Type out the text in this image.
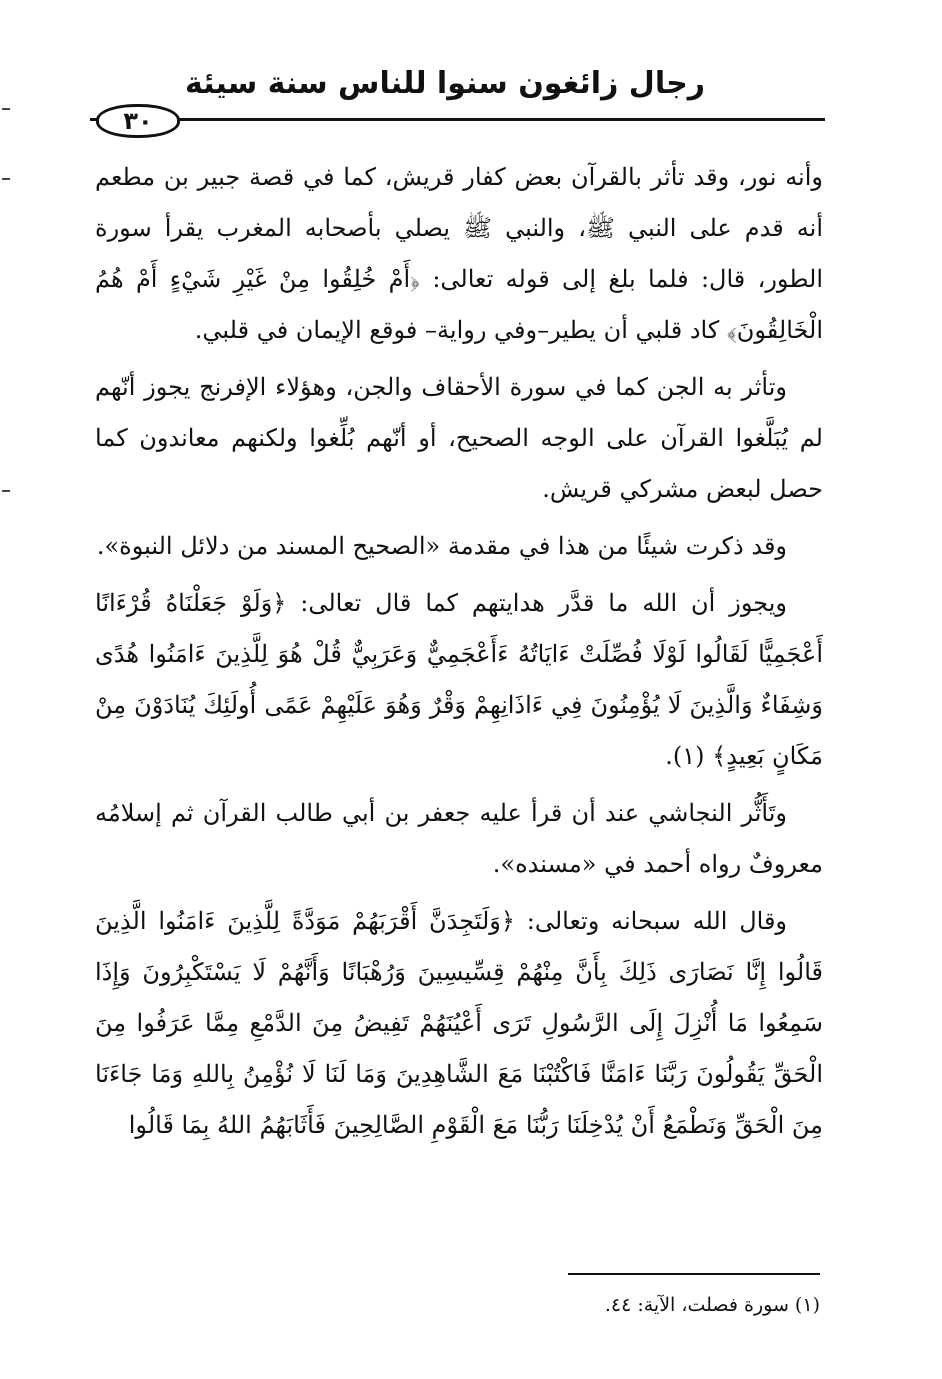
رجال زائغون سنوا للناس سنة سيئة
٣٠

وأنه نور، وقد تأثر بالقرآن بعض كفار قريش، كما في قصة جبير بن مطعم أنه قدم على النبي ﷺ، والنبي ﷺ يصلي بأصحابه المغرب يقرأ سورة الطور، قال: فلما بلغ إلى قوله تعالى: ﴿أَمْ خُلِقُوا مِنْ غَيْرِ شَيْءٍ أَمْ هُمُ الْخَالِقُونَ﴾ كاد قلبي أن يطير–وفي رواية– فوقع الإيمان في قلبي.

وتأثر به الجن كما في سورة الأحقاف والجن، وهؤلاء الإفرنج يجوز أنّهم لم يُبَلَّغوا القرآن على الوجه الصحيح، أو أنّهم بُلِّغوا ولكنهم معاندون كما حصل لبعض مشركي قريش.

وقد ذكرت شيئًا من هذا في مقدمة «الصحيح المسند من دلائل النبوة».

ويجوز أن الله ما قدَّر هدايتهم كما قال تعالى: ﴿وَلَوْ جَعَلْنَاهُ قُرْءَانًا أَعْجَمِيًّا لَقَالُوا لَوْلَا فُصِّلَتْ ءَايَاتُهُ ءَأَعْجَمِيٌّ وَعَرَبِيٌّ قُلْ هُوَ لِلَّذِينَ ءَامَنُوا هُدًى وَشِفَاءٌ وَالَّذِينَ لَا يُؤْمِنُونَ فِي ءَاذَانِهِمْ وَقْرٌ وَهُوَ عَلَيْهِمْ عَمًى أُولَئِكَ يُنَادَوْنَ مِنْ مَكَانٍ بَعِيدٍ﴾ (١).

وتَأَثُّر النجاشي عند أن قرأ عليه جعفر بن أبي طالب القرآن ثم إسلامُه معروفٌ رواه أحمد في «مسنده».

وقال الله سبحانه وتعالى: ﴿وَلَتَجِدَنَّ أَقْرَبَهُمْ مَوَدَّةً لِلَّذِينَ ءَامَنُوا الَّذِينَ قَالُوا إِنَّا نَصَارَى ذَلِكَ بِأَنَّ مِنْهُمْ قِسِّيسِينَ وَرُهْبَانًا وَأَنَّهُمْ لَا يَسْتَكْبِرُونَ وَإِذَا سَمِعُوا مَا أُنْزِلَ إِلَى الرَّسُولِ تَرَى أَعْيُنَهُمْ تَفِيضُ مِنَ الدَّمْعِ مِمَّا عَرَفُوا مِنَ الْحَقِّ يَقُولُونَ رَبَّنَا ءَامَنَّا فَاكْتُبْنَا مَعَ الشَّاهِدِينَ وَمَا لَنَا لَا نُؤْمِنُ بِاللهِ وَمَا جَاءَنَا مِنَ الْحَقِّ وَنَطْمَعُ أَنْ يُدْخِلَنَا رَبُّنَا مَعَ الْقَوْمِ الصَّالِحِينَ فَأَثَابَهُمُ اللهُ بِمَا قَالُوا

(١) سورة فصلت، الآية: ٤٤.
